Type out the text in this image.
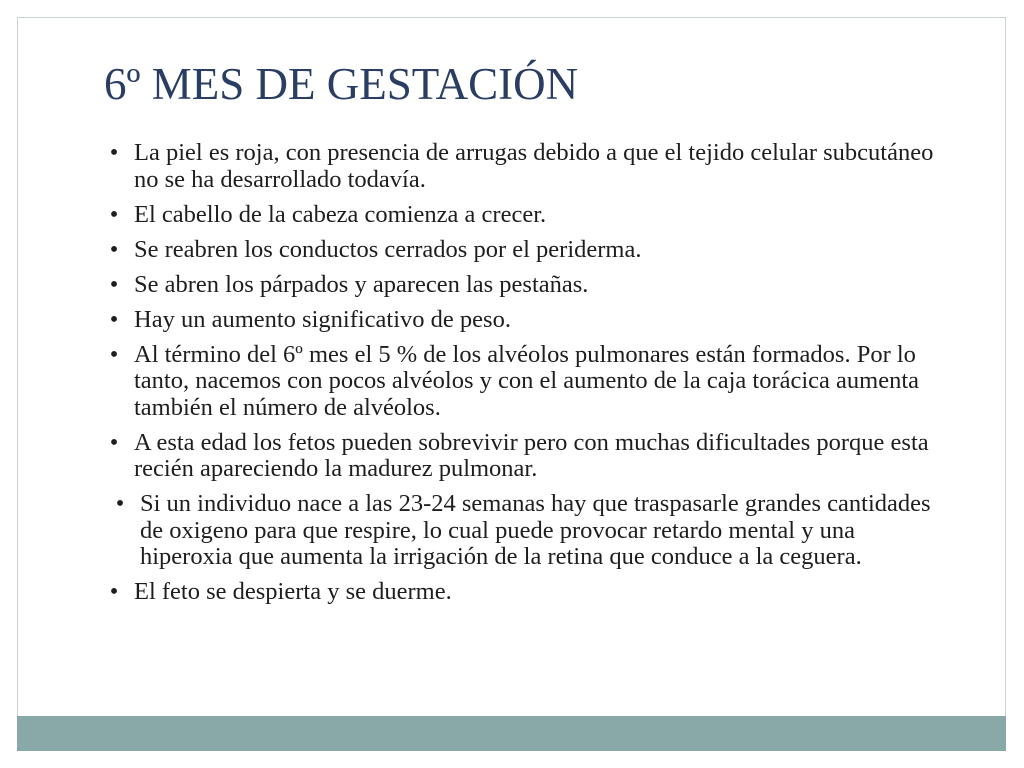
6º MES DE GESTACIÓN
• La piel es roja, con presencia de arrugas debido a que el tejido celular subcutáneo no se ha desarrollado todavía.
• El cabello de la cabeza comienza a crecer.
• Se reabren los conductos cerrados por el periderma.
• Se abren los párpados y aparecen las pestañas.
• Hay un aumento significativo de peso.
• Al término del 6º mes el 5 % de los alvéolos pulmonares están formados. Por lo tanto, nacemos con pocos alvéolos y con el aumento de la caja torácica aumenta también el número de alvéolos.
• A esta edad los fetos pueden sobrevivir pero con muchas dificultades porque esta recién apareciendo la madurez pulmonar.
• Si un individuo nace a las 23-24 semanas hay que traspasarle grandes cantidades de oxigeno para que respire, lo cual puede provocar retardo mental y una hiperoxia que aumenta la irrigación de la retina que conduce a la ceguera.
• El feto se despierta y se duerme.
